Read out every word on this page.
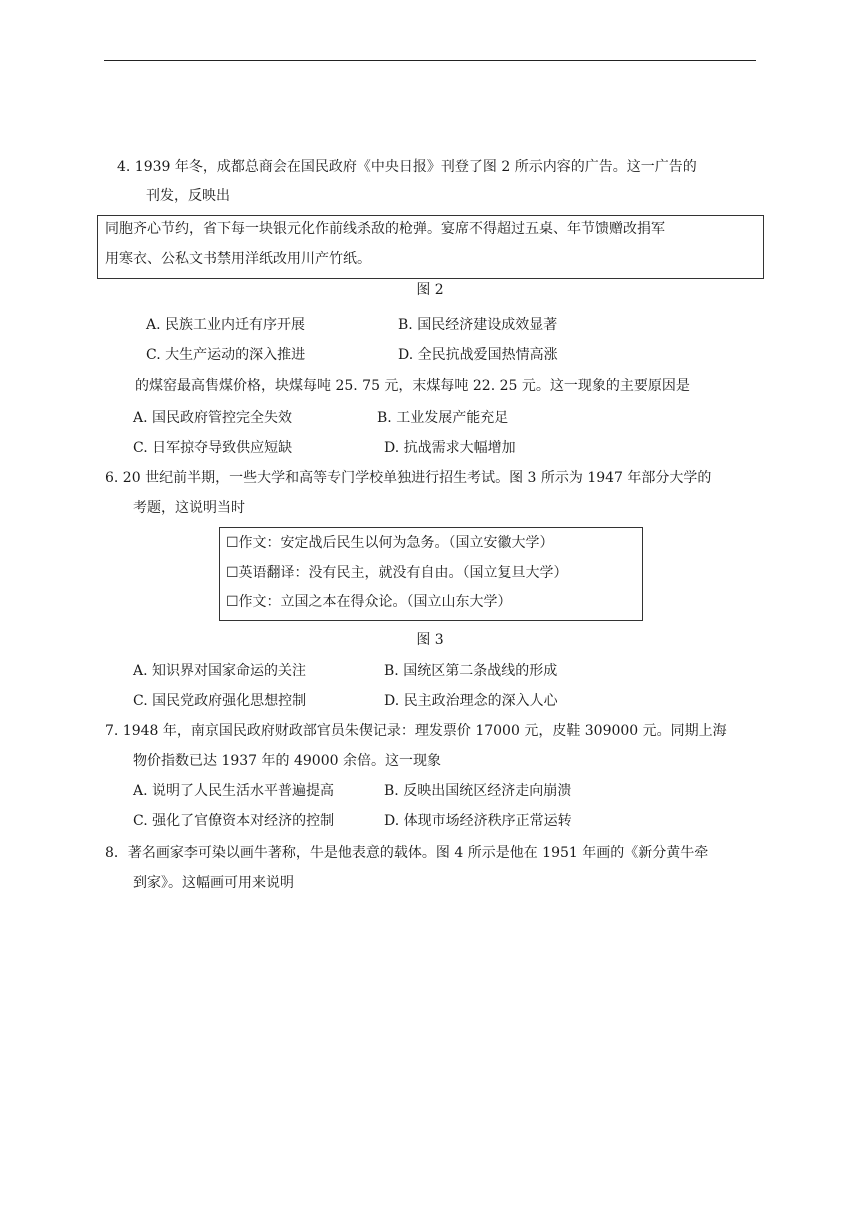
4. 1939 年冬，成都总商会在国民政府《中央日报》刊登了图 2 所示内容的广告。这一广告的
刊发，反映出
同胞齐心节约，省下每一块银元化作前线杀敌的枪弹。宴席不得超过五桌、年节馈赠改捐军
用寒衣、公私文书禁用洋纸改用川产竹纸。
图 2
A. 民族工业内迁有序开展	B. 国民经济建设成效显著
C. 大生产运动的深入推进	D. 全民抗战爱国热情高涨
的煤窑最高售煤价格，块煤每吨 25. 75 元，末煤每吨 22. 25 元。这一现象的主要原因是
A. 国民政府管控完全失效	B. 工业发展产能充足
C. 日军掠夺导致供应短缺	D. 抗战需求大幅增加
6. 20 世纪前半期，一些大学和高等专门学校单独进行招生考试。图 3 所示为 1947 年部分大学的
考题，这说明当时
☐作文：安定战后民生以何为急务。（国立安徽大学）
☐英语翻译：没有民主，就没有自由。（国立复旦大学）
☐作文：立国之本在得众论。（国立山东大学）
图 3
A. 知识界对国家命运的关注	B. 国统区第二条战线的形成
C. 国民党政府强化思想控制	D. 民主政治理念的深入人心
7. 1948 年，南京国民政府财政部官员朱偰记录：理发票价 17000 元，皮鞋 309000 元。同期上海
物价指数已达 1937 年的 49000 余倍。这一现象
A. 说明了人民生活水平普遍提高	B. 反映出国统区经济走向崩溃
C. 强化了官僚资本对经济的控制	D. 体现市场经济秩序正常运转
8．著名画家李可染以画牛著称，牛是他表意的载体。图 4 所示是他在 1951 年画的《新分黄牛牵
到家》。这幅画可用来说明
